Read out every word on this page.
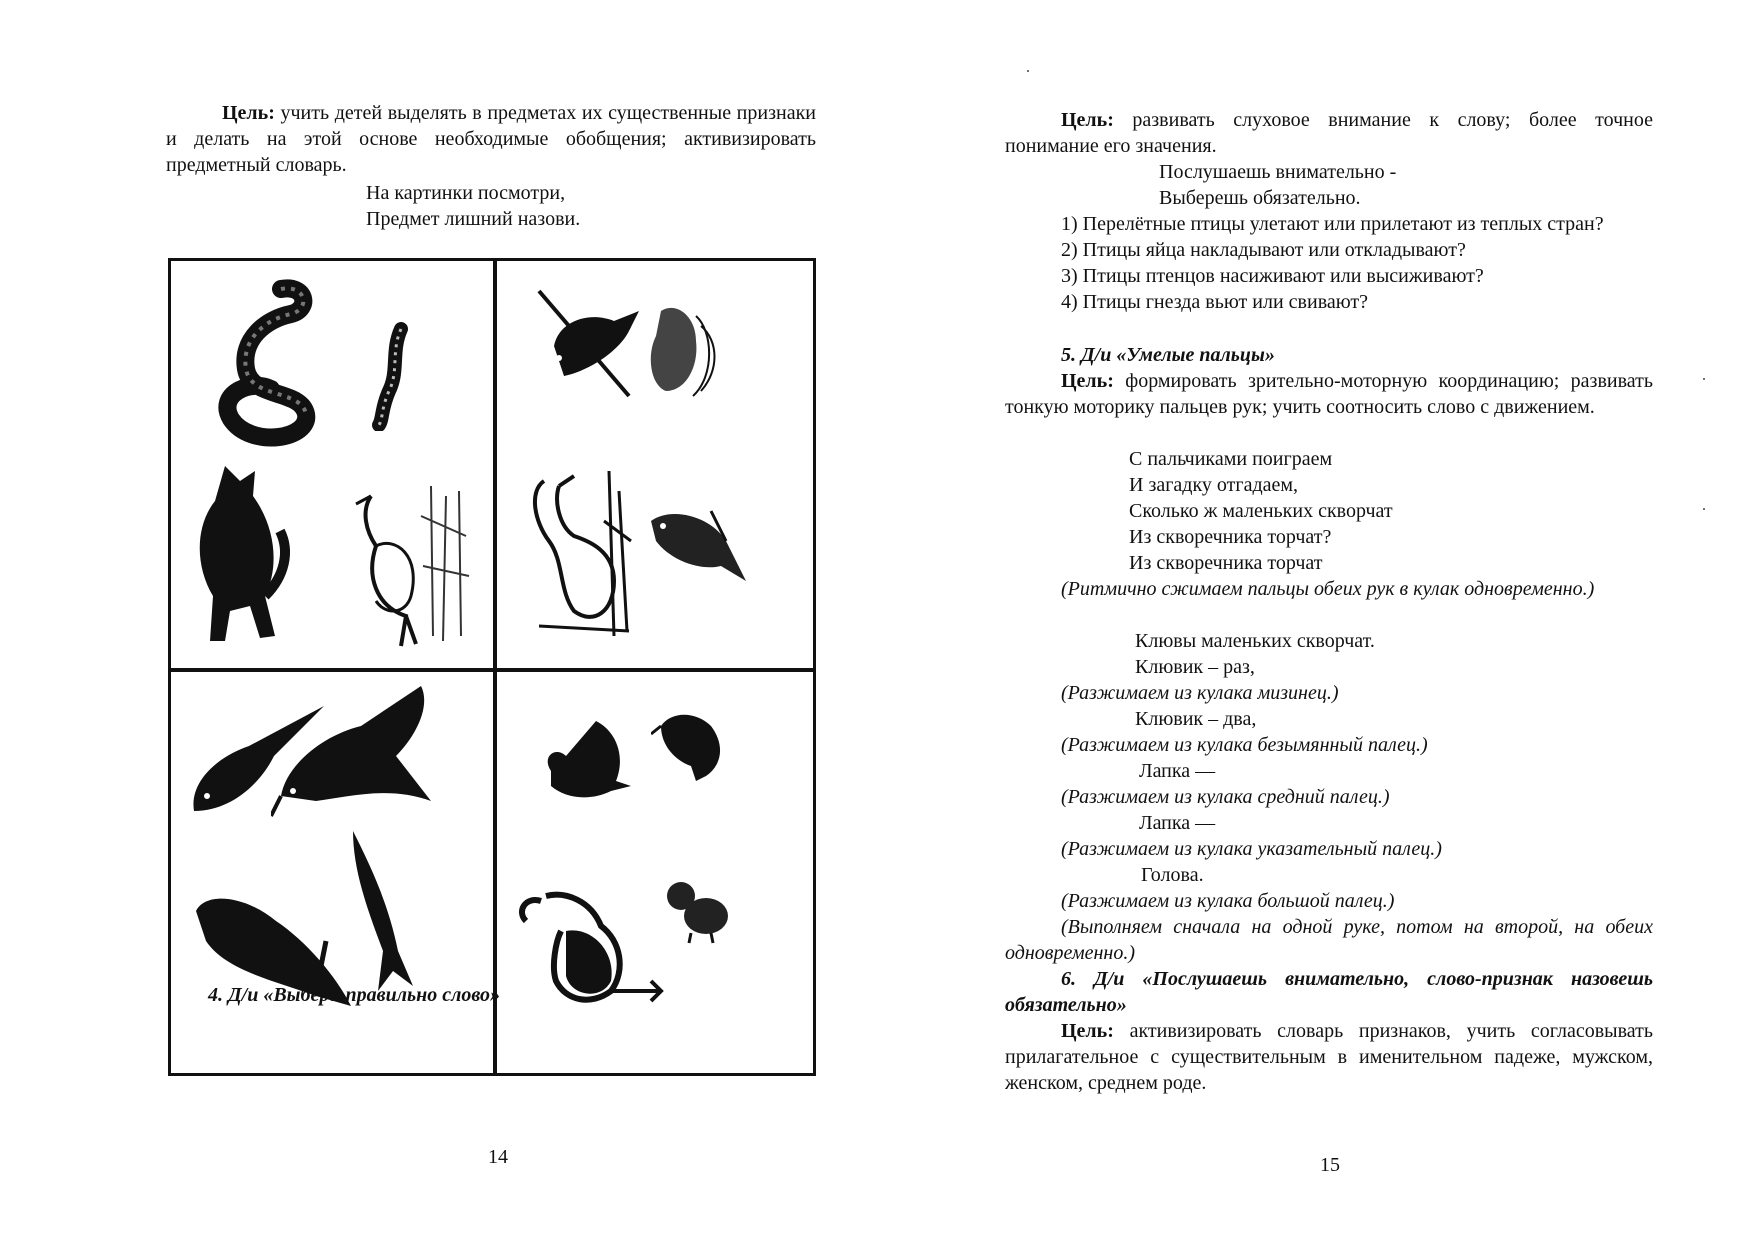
Цель: учить детей выделять в предметах их существенные признаки и делать на этой основе необходимые обобщения; активизировать предметный словарь.
На картинки посмотри,
Предмет лишний назови.
4. Д/и «Выбери правильно слово»
14
Цель: развивать слуховое внимание к слову; более точное понимание его значения.
Послушаешь внимательно -
Выберешь обязательно.
1) Перелётные птицы улетают или прилетают из теплых стран?
2) Птицы яйца накладывают или откладывают?
3) Птицы птенцов насиживают или высиживают?
4) Птицы гнезда вьют или свивают?
5. Д/и «Умелые пальцы»
Цель: формировать зрительно-моторную координацию; развивать тонкую моторику пальцев рук; учить соотносить слово с движением.
С пальчиками поиграем
И загадку отгадаем,
Сколько ж маленьких скворчат
Из скворечника торчат?
Из скворечника торчат
(Ритмично сжимаем пальцы обеих рук в кулак одновременно.)
Клювы маленьких скворчат.
Клювик – раз,
(Разжимаем из кулака мизинец.)
Клювик – два,
(Разжимаем из кулака безымянный палец.)
Лапка —
(Разжимаем из кулака средний палец.)
Лапка —
(Разжимаем из кулака указательный палец.)
Голова.
(Разжимаем из кулака большой палец.)
(Выполняем сначала на одной руке, потом на второй, на обеих одновременно.)
6. Д/и «Послушаешь внимательно, слово-признак назовешь обязательно»
Цель: активизировать словарь признаков, учить согласовывать прилагательное с существительным в именительном падеже, мужском, женском, среднем роде.
15
